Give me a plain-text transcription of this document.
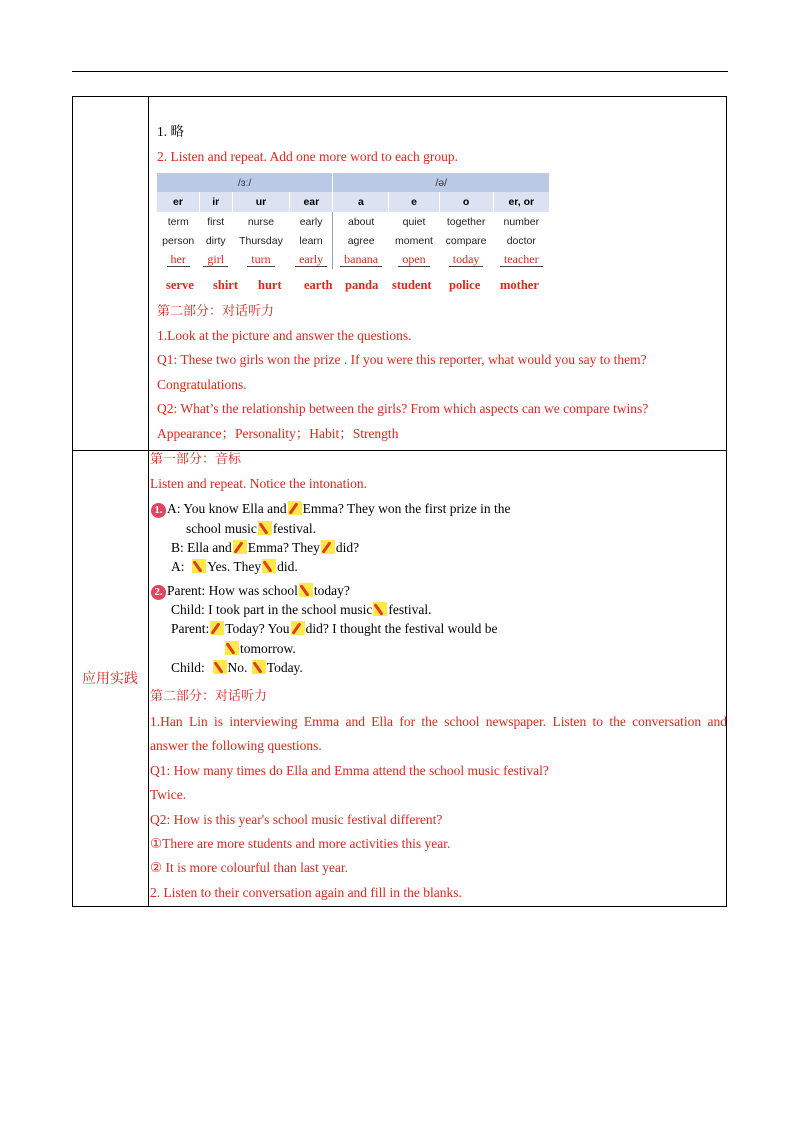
1. 略
2. Listen and repeat. Add one more word to each group.
/ɜː/				/ə/			
er	ir	ur	ear	a	e	o	er, or
term	first	nurse	early	about	quiet	together	number
person	dirty	Thursday	learn	agree	moment	compare	doctor
her	girl	turn	early	banana	open	today	teacher
serve shirt hurt earth panda student police mother
第二部分：对话听力
1.Look at the picture and answer the questions.
Q1: These two girls won the prize . If you were this reporter, what would you say to them?
Congratulations.
Q2: What’s the relationship between the girls? From which aspects can we compare twins?
Appearance；Personality；Habit；Strength
应用实践
第一部分：音标
Listen and repeat. Notice the intonation.
1. A: You know Ella and Emma? They won the first prize in the
school music festival.
B: Ella and Emma? They did?
A: Yes. They did.
2. Parent: How was school today?
Child: I took part in the school music festival.
Parent: Today? You did? I thought the festival would be
tomorrow.
Child: No. Today.
第二部分：对话听力
1.Han Lin is interviewing Emma and Ella for the school newspaper. Listen to the conversation and
answer the following questions.
Q1: How many times do Ella and Emma attend the school music festival?
Twice.
Q2: How is this year's school music festival different?
①There are more students and more activities this year.
② It is more colourful than last year.
2. Listen to their conversation again and fill in the blanks.
